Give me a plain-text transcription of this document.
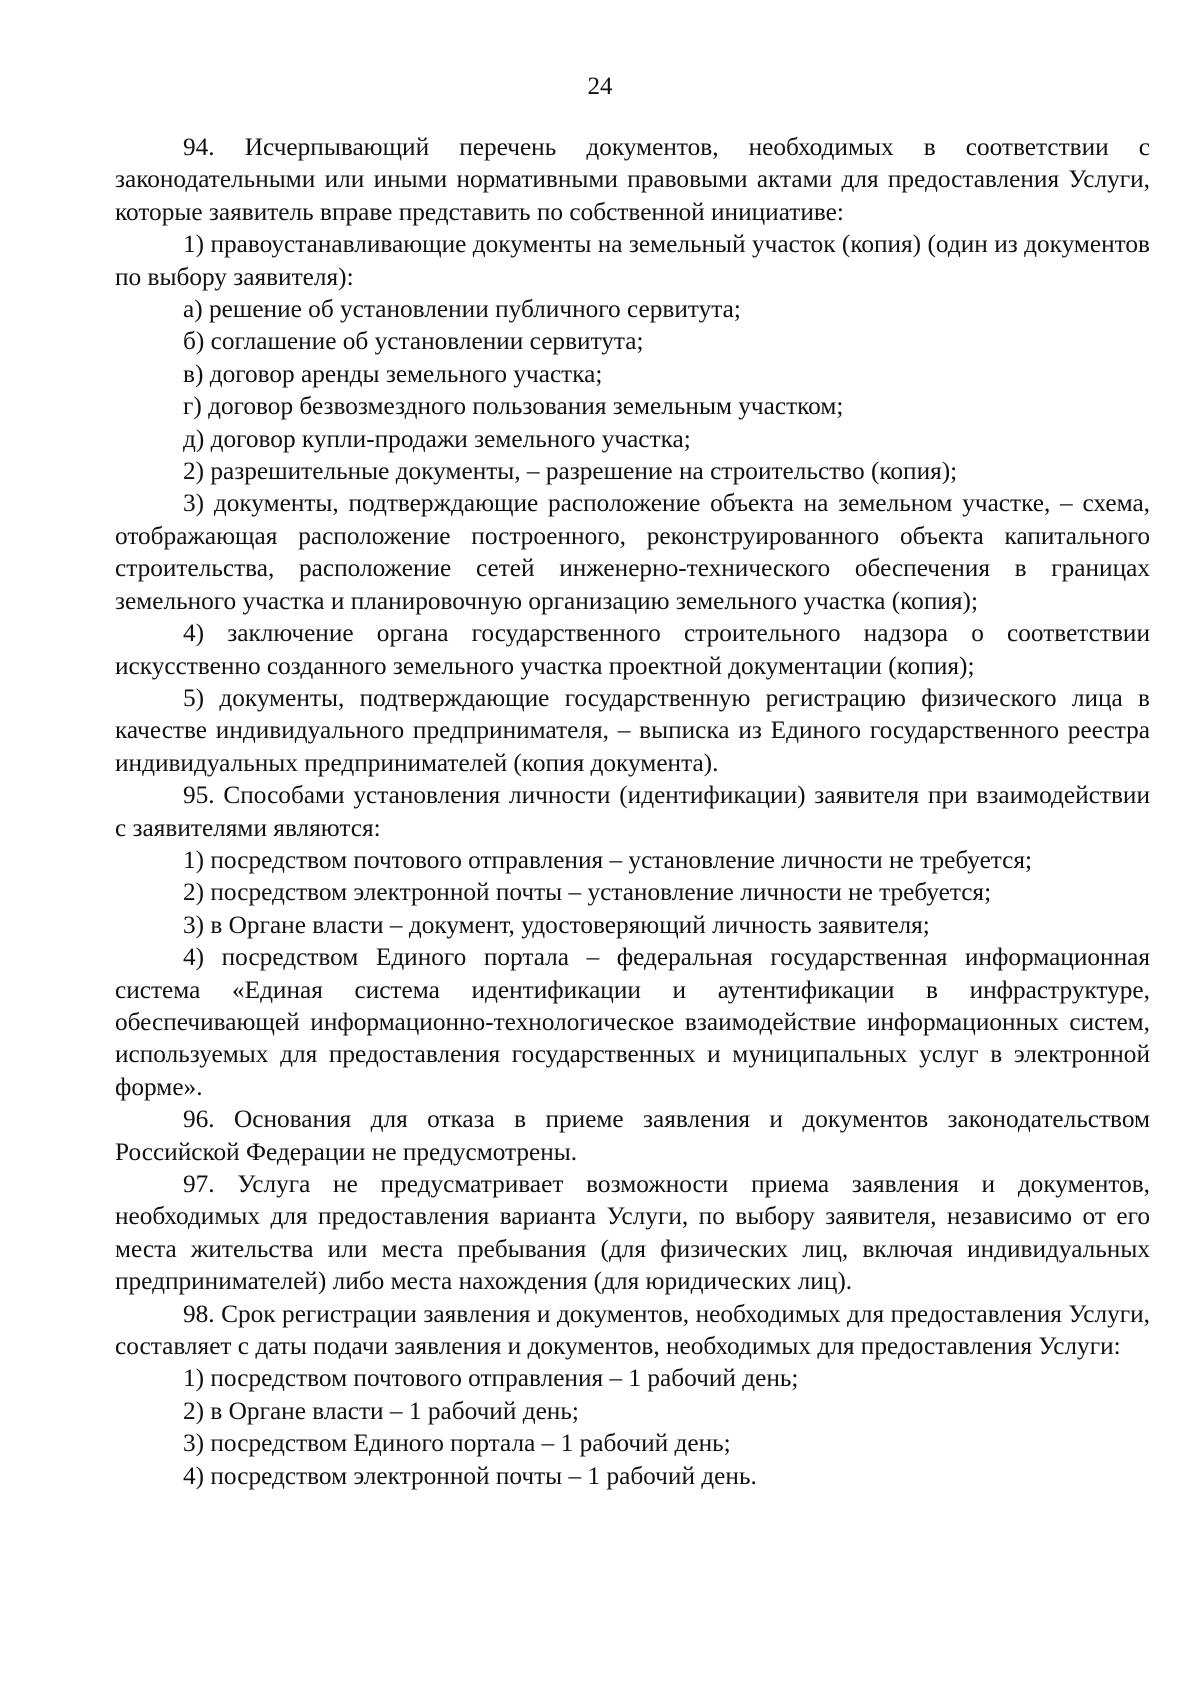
24

94. Исчерпывающий перечень документов, необходимых в соответствии с законодательными или иными нормативными правовыми актами для предоставления Услуги, которые заявитель вправе представить по собственной инициативе:

1) правоустанавливающие документы на земельный участок (копия) (один из документов по выбору заявителя):

а) решение об установлении публичного сервитута;

б) соглашение об установлении сервитута;

в) договор аренды земельного участка;

г) договор безвозмездного пользования земельным участком;

д) договор купли-продажи земельного участка;

2) разрешительные документы, – разрешение на строительство (копия);

3) документы, подтверждающие расположение объекта на земельном участке, – схема, отображающая расположение построенного, реконструированного объекта капитального строительства, расположение сетей инженерно-технического обеспечения в границах земельного участка и планировочную организацию земельного участка (копия);

4) заключение органа государственного строительного надзора о соответствии искусственно созданного земельного участка проектной документации (копия);

5) документы, подтверждающие государственную регистрацию физического лица в качестве индивидуального предпринимателя, – выписка из Единого государственного реестра индивидуальных предпринимателей (копия документа).

95. Способами установления личности (идентификации) заявителя при взаимодействии с заявителями являются:

1) посредством почтового отправления – установление личности не требуется;

2) посредством электронной почты – установление личности не требуется;

3) в Органе власти – документ, удостоверяющий личность заявителя;

4) посредством Единого портала – федеральная государственная информационная система «Единая система идентификации и аутентификации в инфраструктуре, обеспечивающей информационно-технологическое взаимодействие информационных систем, используемых для предоставления государственных и муниципальных услуг в электронной форме».

96. Основания для отказа в приеме заявления и документов законодательством Российской Федерации не предусмотрены.

97. Услуга не предусматривает возможности приема заявления и документов, необходимых для предоставления варианта Услуги, по выбору заявителя, независимо от его места жительства или места пребывания (для физических лиц, включая индивидуальных предпринимателей) либо места нахождения (для юридических лиц).

98. Срок регистрации заявления и документов, необходимых для предоставления Услуги, составляет с даты подачи заявления и документов, необходимых для предоставления Услуги:

1) посредством почтового отправления – 1 рабочий день;

2) в Органе власти – 1 рабочий день;

3) посредством Единого портала – 1 рабочий день;

4) посредством электронной почты – 1 рабочий день.
